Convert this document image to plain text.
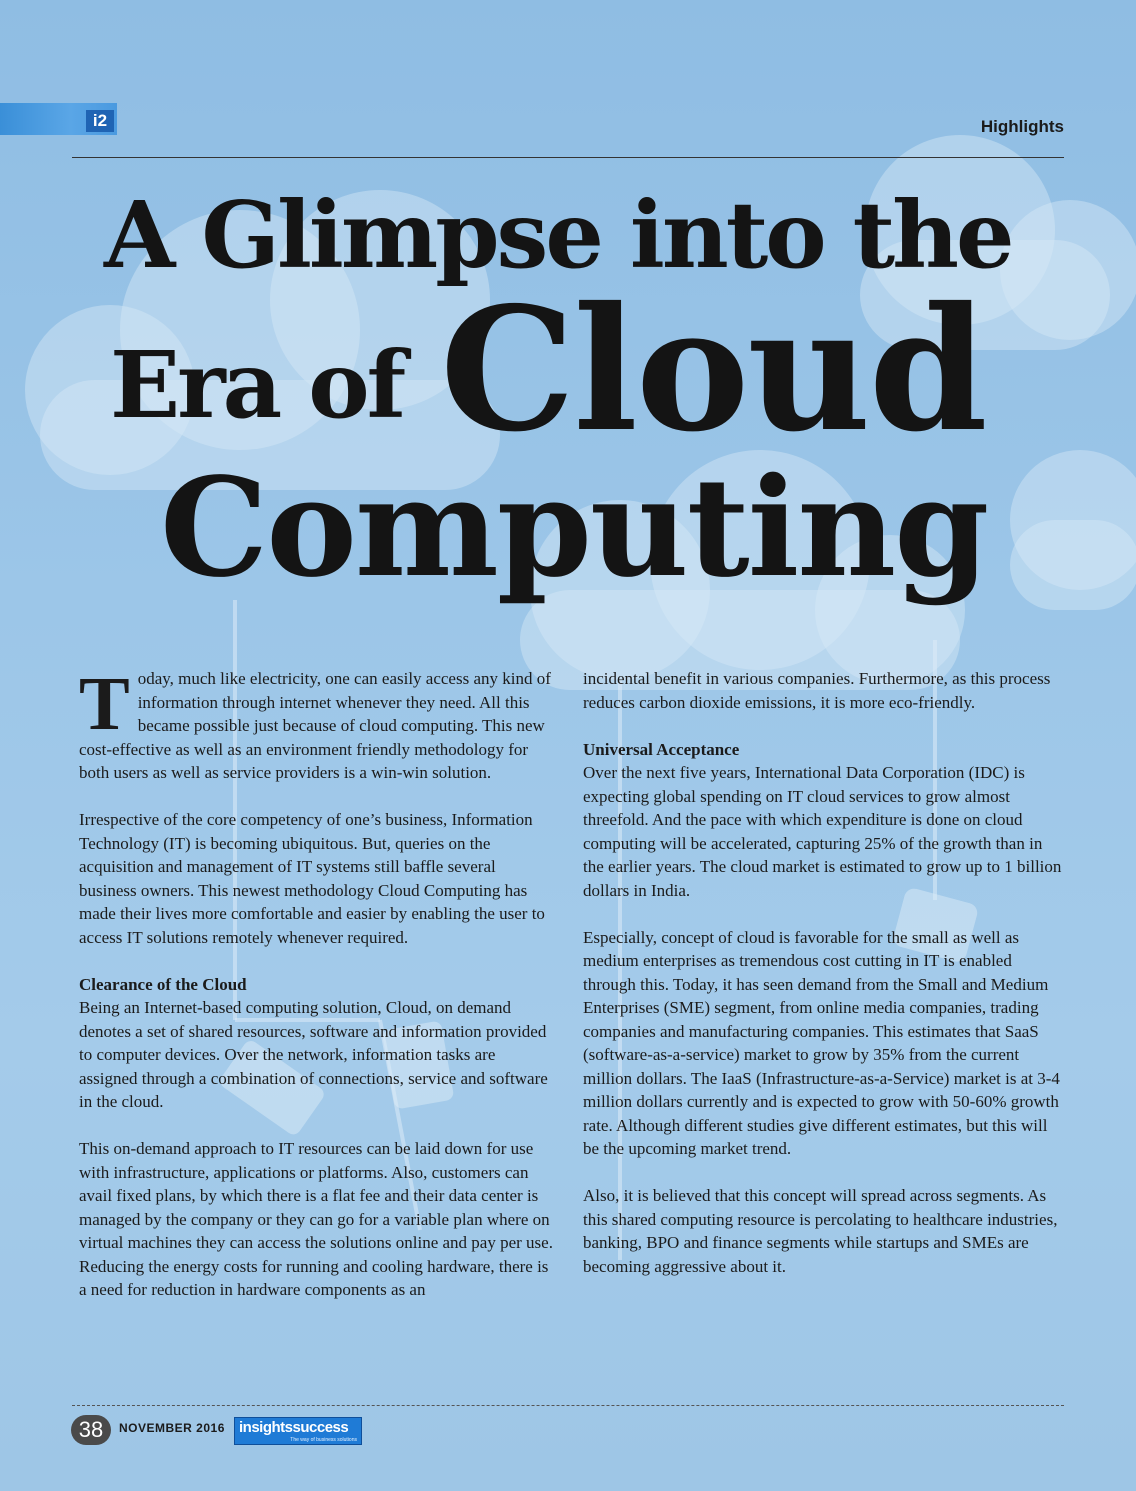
i2	Highlights
A Glimpse into the
Cloud
Era of
Computing

Today, much like electricity, one can easily access any kind of information through internet whenever they need. All this became possible just because of cloud computing. This new cost-effective as well as an environment friendly methodology for both users as well as service providers is a win-win solution.

Irrespective of the core competency of one’s business, Information Technology (IT) is becoming ubiquitous. But, queries on the acquisition and management of IT systems still baffle several business owners. This newest methodology Cloud Computing has made their lives more comfortable and easier by enabling the user to access IT solutions remotely whenever required.

Clearance of the Cloud

Being an Internet-based computing solution, Cloud, on demand denotes a set of shared resources, software and information provided to computer devices. Over the network, information tasks are assigned through a combination of connections, service and software in the cloud.

This on-demand approach to IT resources can be laid down for use with infrastructure, applications or platforms. Also, customers can avail fixed plans, by which there is a flat fee and their data center is managed by the company or they can go for a variable plan where on virtual machines they can access the solutions online and pay per use. Reducing the energy costs for running and cooling hardware, there is a need for reduction in hardware components as an

incidental benefit in various companies. Furthermore, as this process reduces carbon dioxide emissions, it is more eco-friendly.

Universal Acceptance

Over the next five years, International Data Corporation (IDC) is expecting global spending on IT cloud services to grow almost threefold. And the pace with which expenditure is done on cloud computing will be accelerated, capturing 25% of the growth than in the earlier years. The cloud market is estimated to grow up to 1 billion dollars in India.

Especially, concept of cloud is favorable for the small as well as medium enterprises as tremendous cost cutting in IT is enabled through this. Today, it has seen demand from the Small and Medium Enterprises (SME) segment, from online media companies, trading companies and manufacturing companies. This estimates that SaaS (software-as-a-service) market to grow by 35% from the current million dollars. The IaaS (Infrastructure-as-a-Service) market is at 3-4 million dollars currently and is expected to grow with 50-60% growth rate. Although different studies give different estimates, but this will be the upcoming market trend.

Also, it is believed that this concept will spread across segments. As this shared computing resource is percolating to healthcare industries, banking, BPO and finance segments while startups and SMEs are becoming aggressive about it.

38	NOVEMBER 2016 insightssuccess
The way of business solutions
